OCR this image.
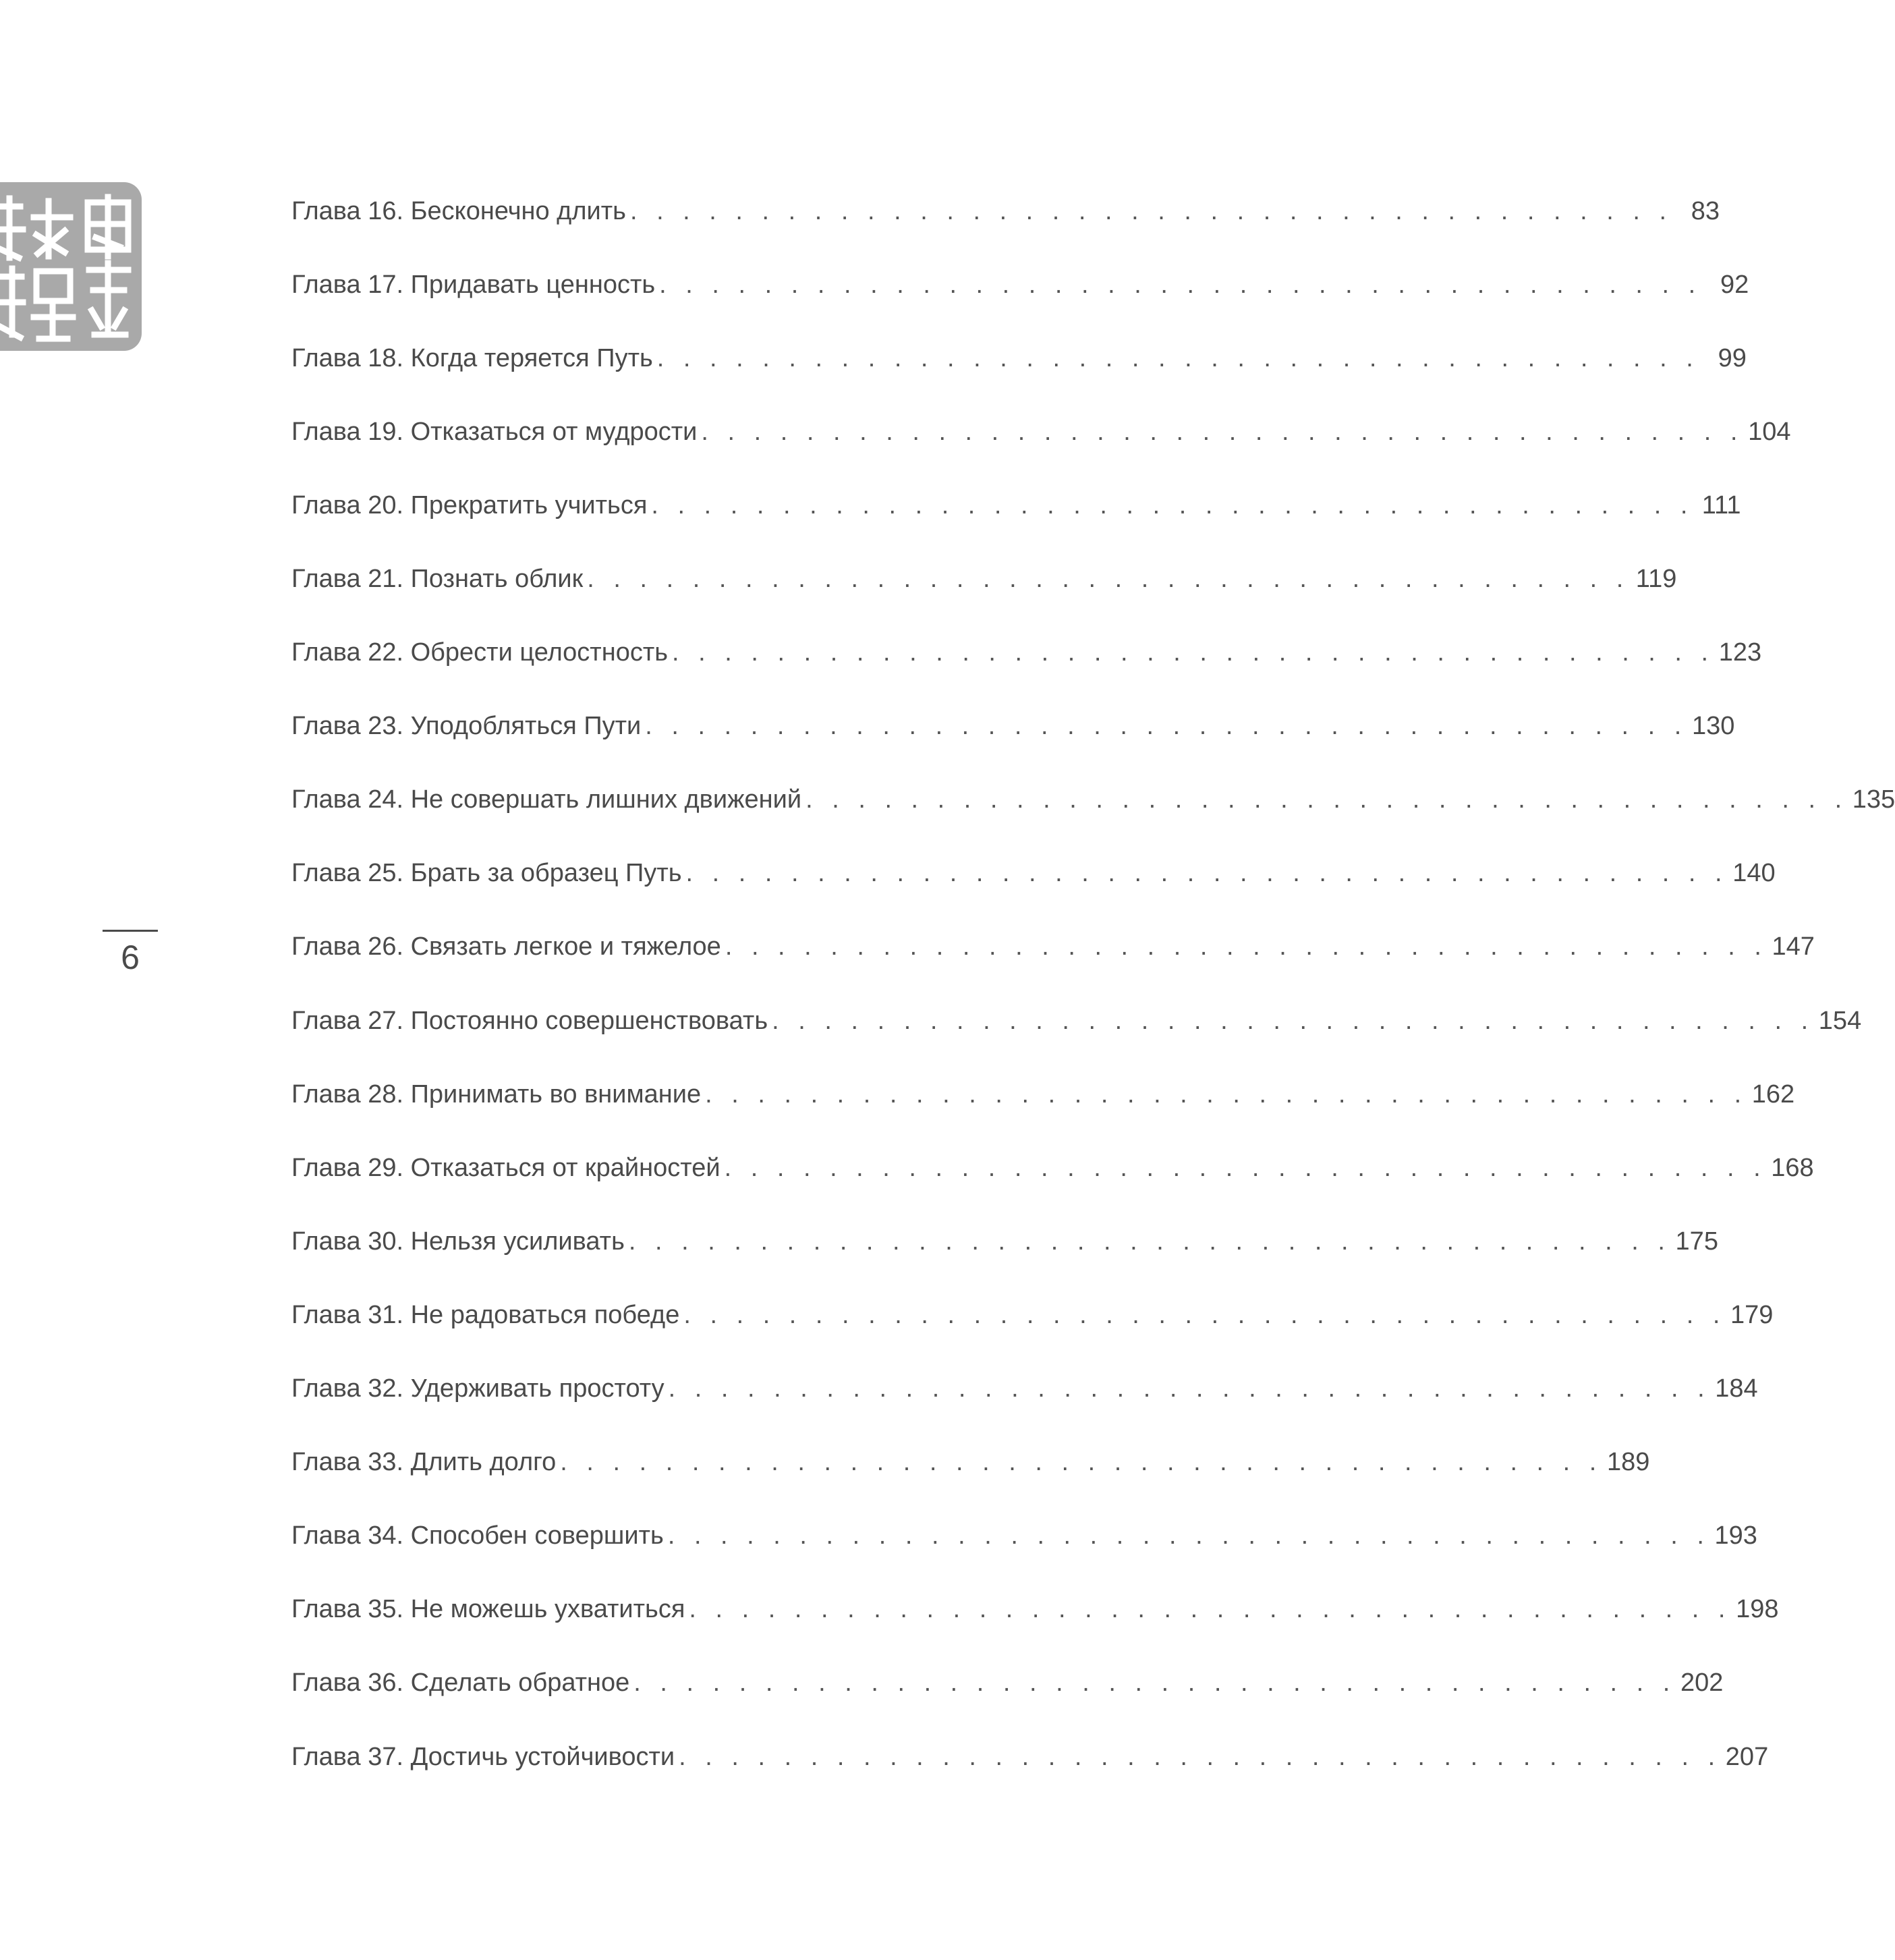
6
Глава 16. Бесконечно длить . . . . . . . . . . . . . . . . . . . . . . . . . . . . . . . . . . . . . . . . 83
Глава 17. Придавать ценность . . . . . . . . . . . . . . . . . . . . . . . . . . . . . . . . . . . . . . . . 92
Глава 18. Когда теряется Путь . . . . . . . . . . . . . . . . . . . . . . . . . . . . . . . . . . . . . . . . 99
Глава 19. Отказаться от мудрости . . . . . . . . . . . . . . . . . . . . . . . . . . . . . . . . . . . . . . . . 104
Глава 20. Прекратить учиться . . . . . . . . . . . . . . . . . . . . . . . . . . . . . . . . . . . . . . . . 111
Глава 21. Познать облик . . . . . . . . . . . . . . . . . . . . . . . . . . . . . . . . . . . . . . . . 119
Глава 22. Обрести целостность . . . . . . . . . . . . . . . . . . . . . . . . . . . . . . . . . . . . . . . . 123
Глава 23. Уподобляться Пути . . . . . . . . . . . . . . . . . . . . . . . . . . . . . . . . . . . . . . . . 130
Глава 24. Не совершать лишних движений . . . . . . . . . . . . . . . . . . . . . . . . . . . . . . . . . . . . . . . . 135
Глава 25. Брать за образец Путь . . . . . . . . . . . . . . . . . . . . . . . . . . . . . . . . . . . . . . . . 140
Глава 26. Связать легкое и тяжелое . . . . . . . . . . . . . . . . . . . . . . . . . . . . . . . . . . . . . . . . 147
Глава 27. Постоянно совершенствовать . . . . . . . . . . . . . . . . . . . . . . . . . . . . . . . . . . . . . . . . 154
Глава 28. Принимать во внимание . . . . . . . . . . . . . . . . . . . . . . . . . . . . . . . . . . . . . . . . 162
Глава 29. Отказаться от крайностей . . . . . . . . . . . . . . . . . . . . . . . . . . . . . . . . . . . . . . . . 168
Глава 30. Нельзя усиливать . . . . . . . . . . . . . . . . . . . . . . . . . . . . . . . . . . . . . . . . 175
Глава 31. Не радоваться победе . . . . . . . . . . . . . . . . . . . . . . . . . . . . . . . . . . . . . . . . 179
Глава 32. Удерживать простоту . . . . . . . . . . . . . . . . . . . . . . . . . . . . . . . . . . . . . . . . 184
Глава 33. Длить долго . . . . . . . . . . . . . . . . . . . . . . . . . . . . . . . . . . . . . . . . 189
Глава 34. Способен совершить . . . . . . . . . . . . . . . . . . . . . . . . . . . . . . . . . . . . . . . . 193
Глава 35. Не можешь ухватиться . . . . . . . . . . . . . . . . . . . . . . . . . . . . . . . . . . . . . . . . 198
Глава 36. Сделать обратное . . . . . . . . . . . . . . . . . . . . . . . . . . . . . . . . . . . . . . . . 202
Глава 37. Достичь устойчивости . . . . . . . . . . . . . . . . . . . . . . . . . . . . . . . . . . . . . . . . 207
